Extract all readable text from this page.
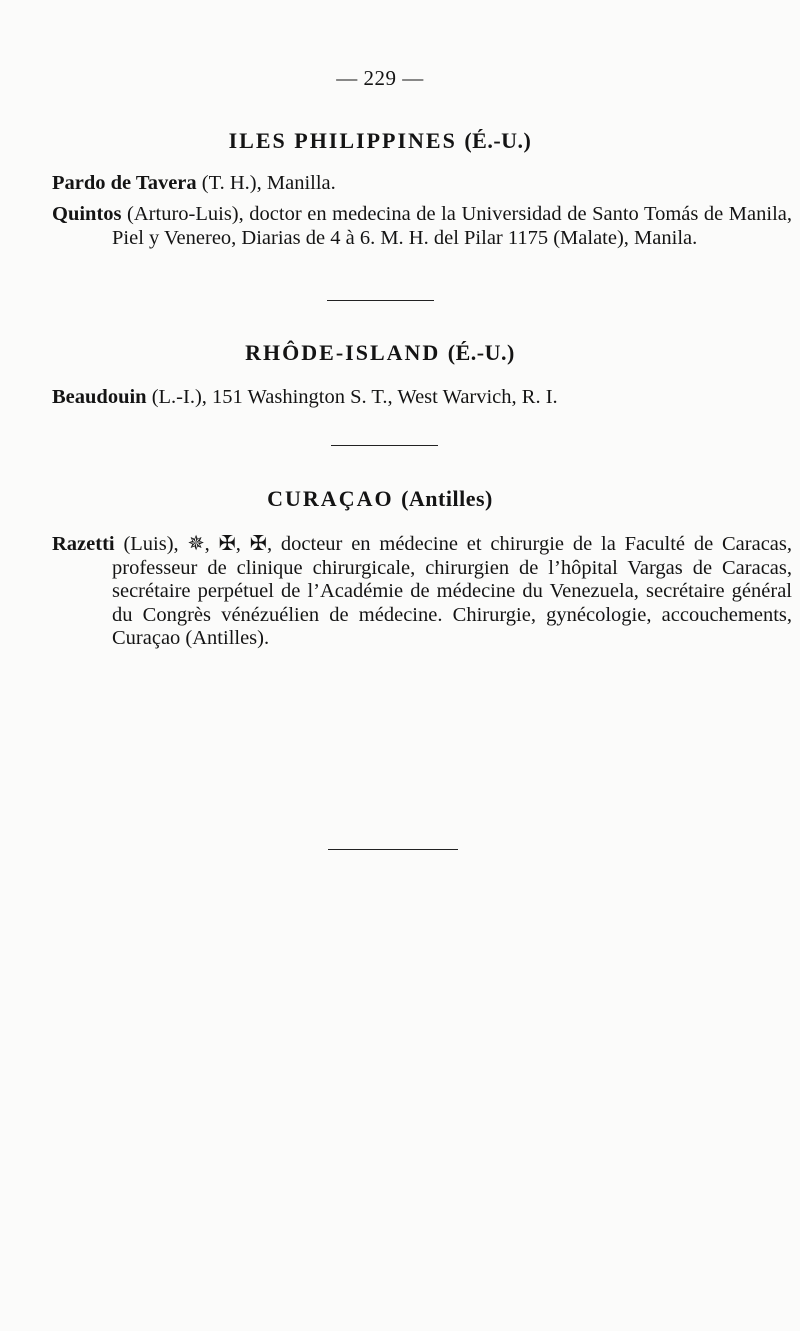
— 229 —
ILES PHILIPPINES (É.-U.)
Pardo de Tavera (T. H.), Manilla.
Quintos (Arturo-Luis), doctor en medecina de la Universidad de Santo Tomás de Manila, Piel y Venereo, Diarias de 4 à 6. M. H. del Pilar 1175 (Malate), Manila.
RHÔDE-ISLAND (É.-U.)
Beaudouin (L.-I.), 151 Washington S. T., West Warvich, R. I.
CURAÇAO (Antilles)
Razetti (Luis), ✵, ✠, ✠, docteur en médecine et chirurgie de la Faculté de Caracas, professeur de clinique chirurgicale, chirurgien de l’hôpital Vargas de Caracas, secrétaire perpétuel de l’Académie de médecine du Venezuela, secrétaire général du Congrès vénézuélien de médecine. Chirurgie, gynécologie, accouchements, Curaçao (Antilles).
